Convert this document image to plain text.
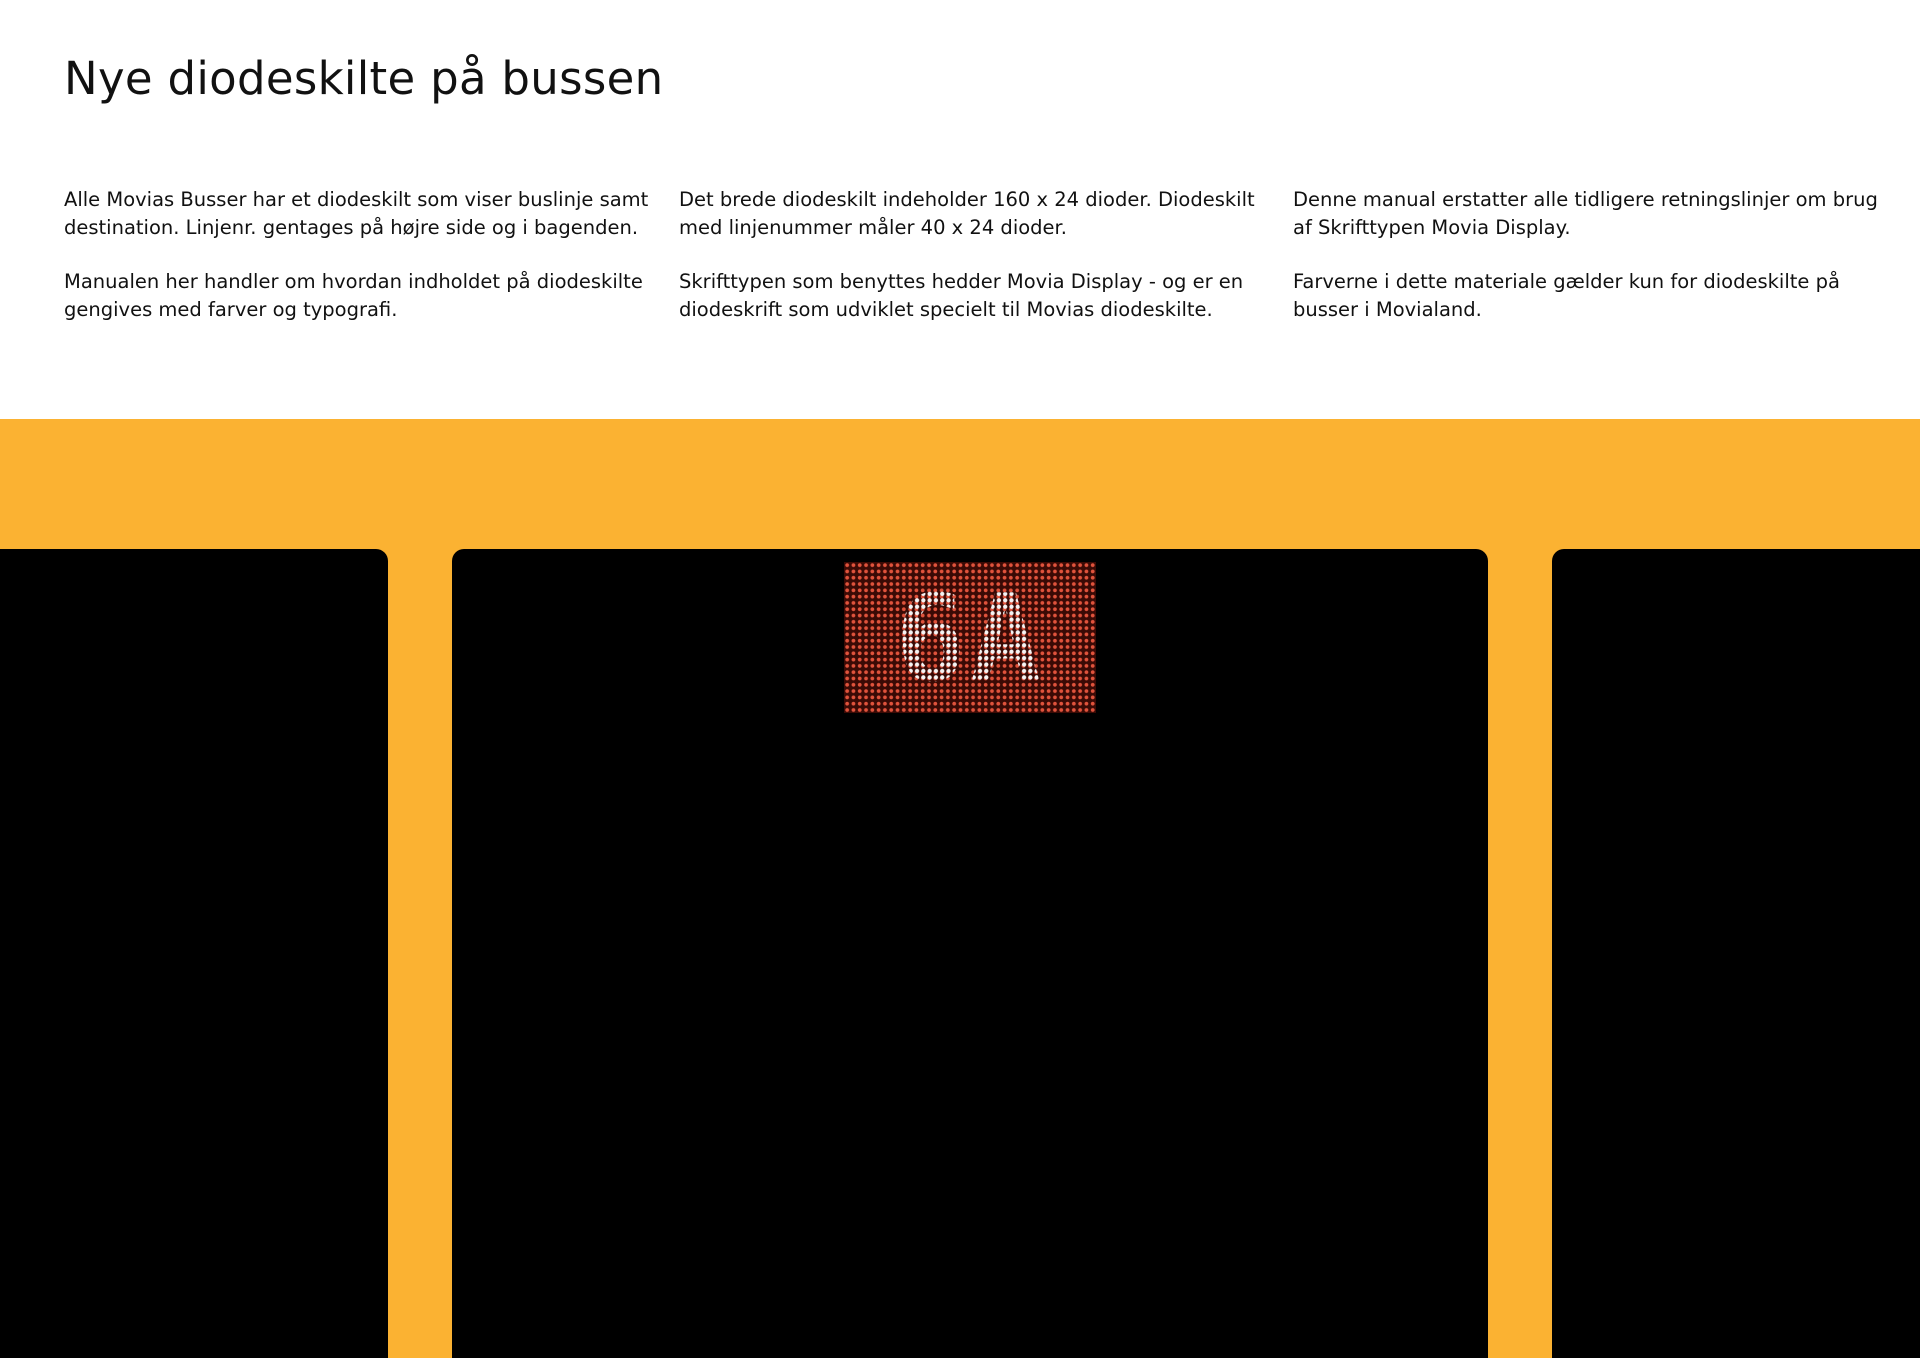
Nye diodeskilte på bussen

Alle Movias Busser har et diodeskilt som viser buslinje samt destination. Linjenr. gentages på højre side og i bagenden.

Manualen her handler om hvordan indholdet på diodeskilte gengives med farver og typografi.

Det brede diodeskilt indeholder 160 x 24 dioder. Diodeskilt med linjenummer måler 40 x 24 dioder.

Skrifttypen som benyttes hedder Movia Display - og er en diodeskrift som udviklet specielt til Movias diodeskilte.

Denne manual erstatter alle tidligere retningslinjer om brug af Skrifttypen Movia Display.

Farverne i dette materiale gælder kun for diodeskilte på busser i Movialand.

6A
